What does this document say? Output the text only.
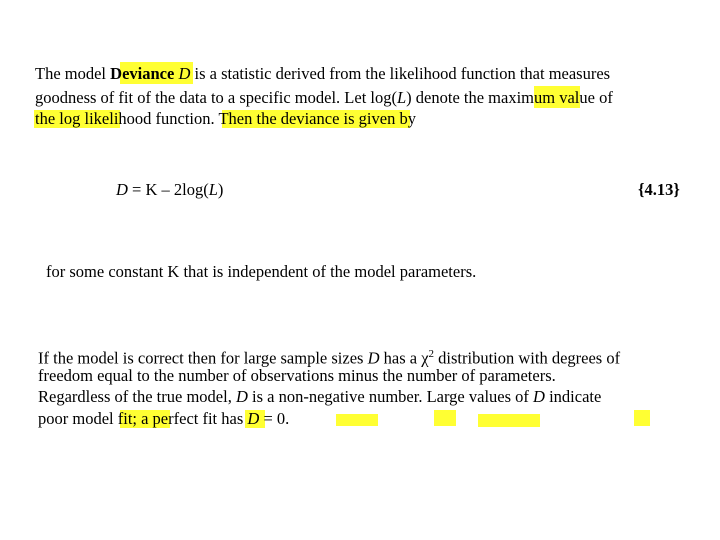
The model Deviance D is a statistic derived from the likelihood function that measures
goodness of fit of the data to a specific model. Let log(L) denote the maximum value of
the log likelihood function. Then the deviance is given by
D = K – 2log(L)	{4.13}
for some constant K that is independent of the model parameters.
If the model is correct then for large sample sizes D has a $\chi^2$ distribution with degrees of
freedom equal to the number of observations minus the number of parameters.
Regardless of the true model, D is a non-negative number. Large values of D indicate
poor model fit; a perfect fit has D = 0.
